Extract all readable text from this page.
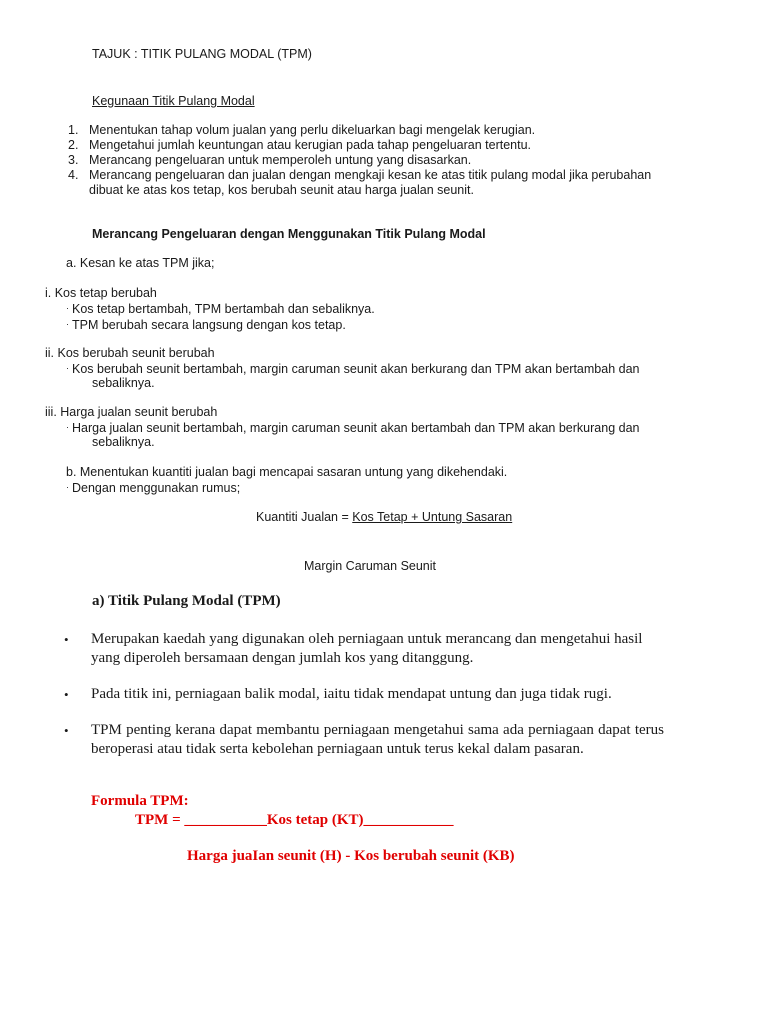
TAJUK : TITIK PULANG MODAL (TPM)
Kegunaan Titik Pulang Modal
1. Menentukan tahap volum jualan yang perlu dikeluarkan bagi mengelak kerugian.
2. Mengetahui jumlah keuntungan atau kerugian pada tahap pengeluaran tertentu.
3. Merancang pengeluaran untuk memperoleh untung yang disasarkan.
4. Merancang pengeluaran dan jualan dengan mengkaji kesan ke atas titik pulang modal jika perubahan dibuat ke atas kos tetap, kos berubah seunit atau harga jualan seunit.
Merancang Pengeluaran dengan Menggunakan Titik Pulang Modal
a. Kesan ke atas TPM jika;
i. Kos tetap berubah
· Kos tetap bertambah, TPM bertambah dan sebaliknya.
· TPM berubah secara langsung dengan kos tetap.
ii. Kos berubah seunit berubah
· Kos berubah seunit bertambah, margin caruman seunit akan berkurang dan TPM akan bertambah dan
sebaliknya.
iii. Harga jualan seunit berubah
· Harga jualan seunit bertambah, margin caruman seunit akan bertambah dan TPM akan berkurang dan
sebaliknya.
b. Menentukan kuantiti jualan bagi mencapai sasaran untung yang dikehendaki.
· Dengan menggunakan rumus;
Kuantiti Jualan = Kos Tetap + Untung Sasaran
Margin Caruman Seunit
a) Titik Pulang Modal (TPM)
•	Merupakan kaedah yang digunakan oleh perniagaan untuk merancang dan mengetahui hasil yang diperoleh bersamaan dengan jumlah kos yang ditanggung.
•	Pada titik ini, perniagaan balik modal, iaitu tidak mendapat untung dan juga tidak rugi.
•	TPM penting kerana dapat membantu perniagaan mengetahui sama ada perniagaan dapat terus beroperasi atau tidak serta kebolehan perniagaan untuk terus kekal dalam pasaran.
Formula TPM:
TPM = ___________Kos tetap (KT)____________
Harga juaIan seunit (H) - Kos berubah seunit (KB)
